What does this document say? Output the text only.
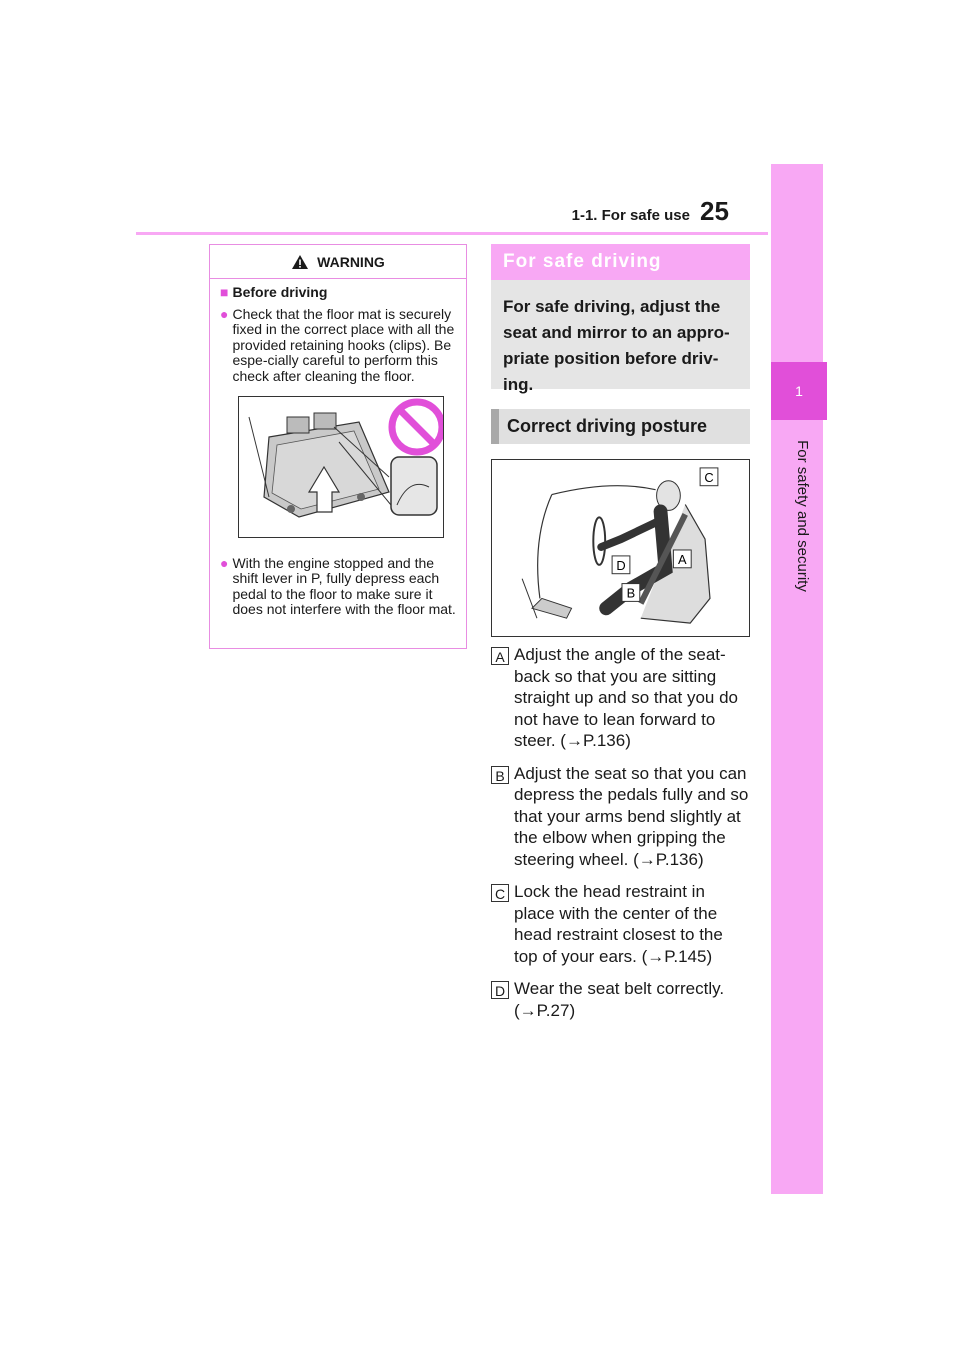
1-1. For safe use 25
1
For safety and security
WARNING
■ Before driving
● Check that the floor mat is securely fixed in the correct place with all the provided retaining hooks (clips). Be espe-cially careful to perform this check after cleaning the floor.
● With the engine stopped and the shift lever in P, fully depress each pedal to the floor to make sure it does not interfere with the floor mat.
For safe driving
For safe driving, adjust the seat and mirror to an appro-priate position before driv-ing.
Correct driving posture
C
A
D
B
A Adjust the angle of the seat-back so that you are sitting straight up and so that you do not have to lean forward to steer. (→P.136)
B Adjust the seat so that you can depress the pedals fully and so that your arms bend slightly at the elbow when gripping the steering wheel. (→P.136)
C Lock the head restraint in place with the center of the head restraint closest to the top of your ears. (→P.145)
D Wear the seat belt correctly. (→P.27)
